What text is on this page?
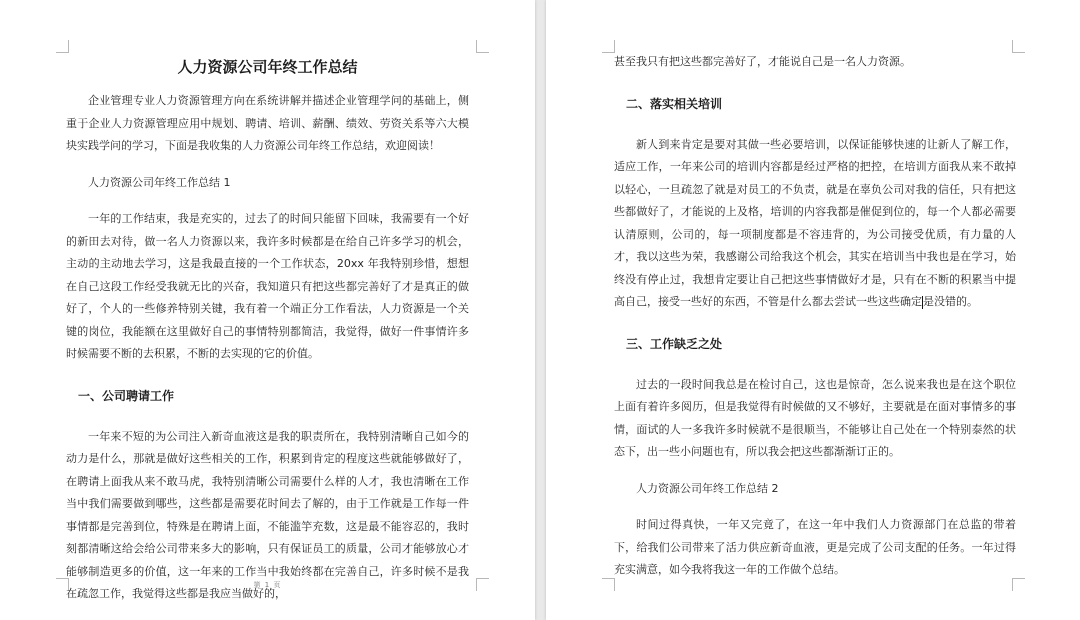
人力资源公司年终工作总结

企业管理专业人力资源管理方向在系统讲解并描述企业管理学问的基础上，侧重于企业人力资源管理应用中规划、聘请、培训、薪酬、绩效、劳资关系等六大模块实践学问的学习，下面是我收集的人力资源公司年终工作总结，欢迎阅读！

人力资源公司年终工作总结 1

一年的工作结束，我是充实的，过去了的时间只能留下回味，我需要有一个好的新田去对待，做一名人力资源以来，我许多时候都是在给自己许多学习的机会，主动的主动地去学习，这是我最直接的一个工作状态，20xx 年我特别珍惜，想想在自己这段工作经受我就无比的兴奋，我知道只有把这些都完善好了才是真正的做好了，个人的一些修养特别关键，我有着一个端正分工作看法，人力资源是一个关键的岗位，我能额在这里做好自己的事情特别都简洁，我觉得，做好一件事情许多时候需要不断的去积累，不断的去实现的它的价值。

一、公司聘请工作

一年来不短的为公司注入新奇血液这是我的职责所在，我特别清晰自己如今的动力是什么，那就是做好这些相关的工作，积累到肯定的程度这些就能够做好了，在聘请上面我从来不敢马虎，我特别清晰公司需要什么样的人才，我也清晰在工作当中我们需要做到哪些，这些都是需要花时间去了解的，由于工作就是工作每一件事情都是完善到位，特殊是在聘请上面，不能滥竽充数，这是最不能容忍的，我时刻都清晰这给会给公司带来多大的影响，只有保证员工的质量，公司才能够放心才能够制造更多的价值，这一年来的工作当中我始终都在完善自己，许多时候不是我在疏忽工作，我觉得这些都是我应当做好的，

第 1 页

甚至我只有把这些都完善好了，才能说自己是一名人力资源。

二、落实相关培训

新人到来肯定是要对其做一些必要培训，以保证能够快速的让新人了解工作，适应工作，一年来公司的培训内容都是经过严格的把控，在培训方面我从来不敢掉以轻心，一旦疏忽了就是对员工的不负责，就是在辜负公司对我的信任，只有把这些都做好了，才能说的上及格，培训的内容我都是催促到位的，每一个人都必需要认清原则，公司的，每一项制度都是不容违背的，为公司接受优质，有力量的人才，我以这些为荣，我感谢公司给我这个机会，其实在培训当中我也是在学习，始终没有停止过，我想肯定要让自己把这些事情做好才是，只有在不断的积累当中提高自己，接受一些好的东西，不管是什么都去尝试一些这些确定是没错的。

三、工作缺乏之处

过去的一段时间我总是在检讨自己，这也是惊奇，怎么说来我也是在这个职位上面有着许多阅历，但是我觉得有时候做的又不够好，主要就是在面对事情多的事情，面试的人一多我许多时候就不是很顺当，不能够让自己处在一个特别泰然的状态下，出一些小问题也有，所以我会把这些都渐渐订正的。

人力资源公司年终工作总结 2

时间过得真快，一年又完竟了，在这一年中我们人力资源部门在总监的带着下，给我们公司带来了活力供应新奇血液，更是完成了公司支配的任务。一年过得充实满意，如今我将我这一年的工作做个总结。
